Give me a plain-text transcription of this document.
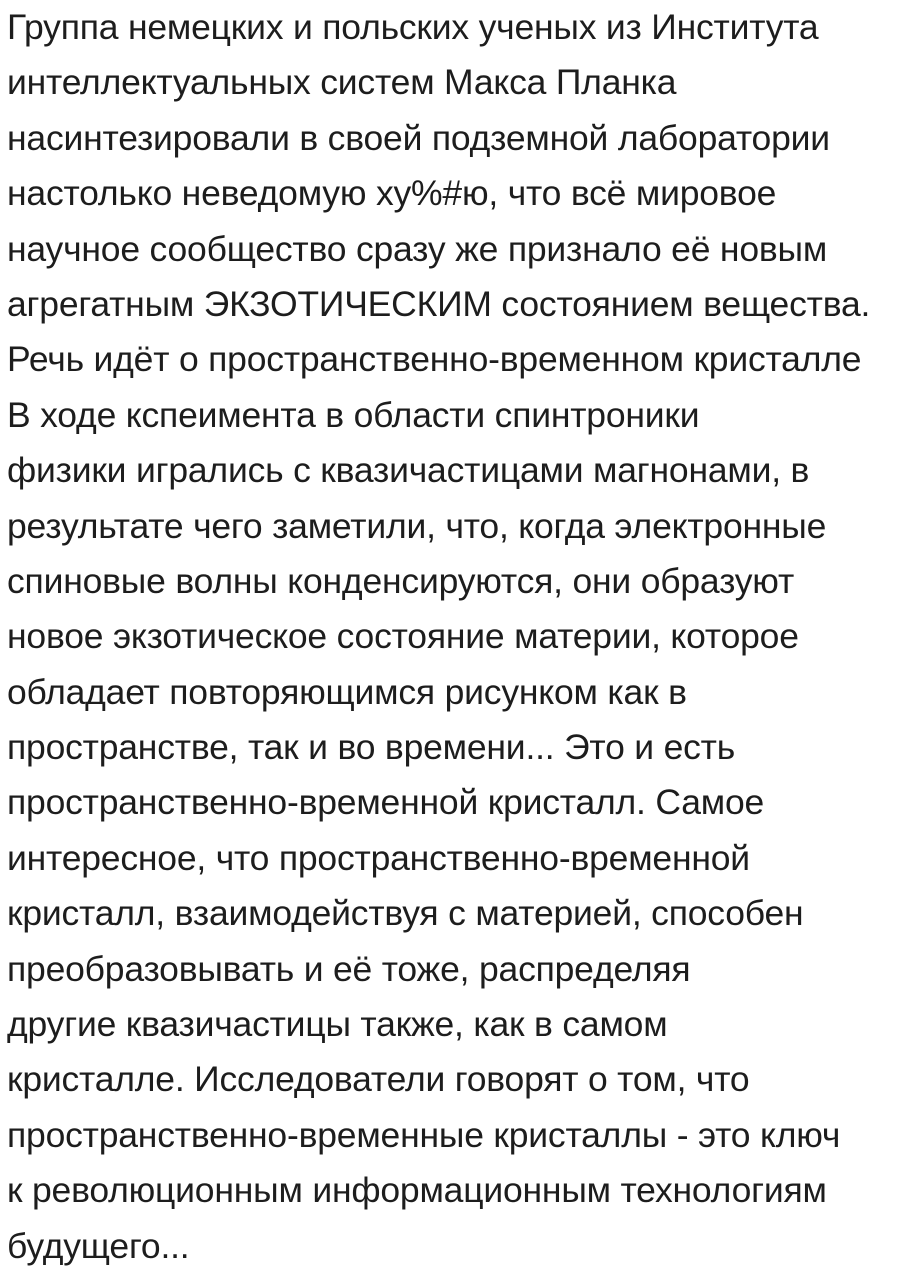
Группа немецких и польских ученых из Института
интеллектуальных систем Макса Планка
насинтезировали в своей подземной лаборатории
настолько неведомую ху%#ю, что всё мировое
научное сообщество сразу же признало её новым
агрегатным ЭКЗОТИЧЕСКИМ состоянием вещества.
Речь идёт о пространственно-временном кристалле
В ходе кспеимента в области спинтроники
физики игрались с квазичастицами магнонами, в
результате чего заметили, что, когда электронные
спиновые волны конденсируются, они образуют
новое экзотическое состояние материи, которое
обладает повторяющимся рисунком как в
пространстве, так и во времени... Это и есть
пространственно-временной кристалл. Самое
интересное, что пространственно-временной
кристалл, взаимодействуя с материей, способен
преобразовывать и её тоже, распределяя
другие квазичастицы также, как в самом
кристалле. Исследователи говорят о том, что
пространственно-временные кристаллы - это ключ
к революционным информационным технологиям
будущего...
